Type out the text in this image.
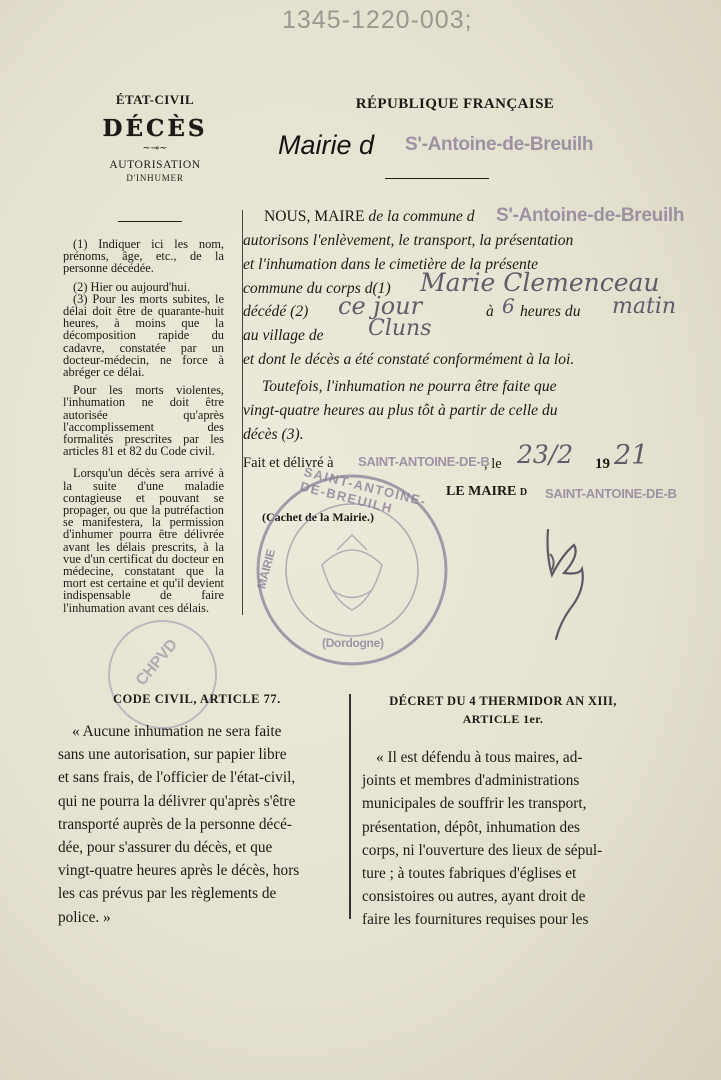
1345-1220-003;
ÉTAT-CIVIL
DÉCÈS
~⊸~
AUTORISATION
D'INHUMER

(1) Indiquer ici les nom, prénoms, âge, etc., de la personne décédée.

(2) Hier ou aujourd'hui.

(3) Pour les morts subites, le délai doit être de quarante-huit heures, à moins que la décomposition rapide du cadavre, constatée par un docteur-médecin, ne force à abréger ce délai.

Pour les morts violentes, l'inhumation ne doit être autorisée qu'après l'accomplissement des formalités prescrites par les articles 81 et 82 du Code civil.

Lorsqu'un décès sera arrivé à la suite d'une maladie contagieuse et pouvant se propager, ou que la putréfaction se manifestera, la permission d'inhumer pourra être délivrée avant les délais prescrits, à la vue d'un certificat du docteur en médecine, constatant que la mort est certaine et qu'il devient indispensable de faire l'inhumation avant ces délais.

RÉPUBLIQUE FRANÇAISE
Mairie d S'-Antoine-de-Breuilh
NOUS, MAIRE de la commune d S'-Antoine-de-Breuilh
autorisons l'enlèvement, le transport, la présentation
et l'inhumation dans le cimetière de la présente
commune du corps d(1) Marie Clemenceau
décédé (2) ce jour	à 6 heures du matin
au village de Cluns
et dont le décès a été constaté conformément à la loi.
Toutefois, l'inhumation ne pourra être faite que
vingt-quatre heures au plus tôt à partir de celle du
décès (3).
Fait et délivré à SAINT-ANTOINE-DE-B
, le 23/2 19 21
LE MAIRE d SAINT-ANTOINE-DE-B
(Cachet de la Mairie.)
SAINT-ANTOINE-DE-BREUILH
MAIRIE
(Dordogne)
CHPVD
CODE CIVIL, ARTICLE 77.
« Aucune inhumation ne sera faite
sans une autorisation, sur papier libre
et sans frais, de l'officier de l'état-civil,
qui ne pourra la délivrer qu'après s'être
transporté auprès de la personne décé-
dée, pour s'assurer du décès, et que
vingt-quatre heures après le décès, hors
les cas prévus par les règlements de
police. »
DÉCRET DU 4 THERMIDOR AN XIII,
ARTICLE 1er.
« Il est défendu à tous maires, ad-
joints et membres d'administrations
municipales de souffrir les transport,
présentation, dépôt, inhumation des
corps, ni l'ouverture des lieux de sépul-
ture ; à toutes fabriques d'églises et
consistoires ou autres, ayant droit de
faire les fournitures requises pour les
